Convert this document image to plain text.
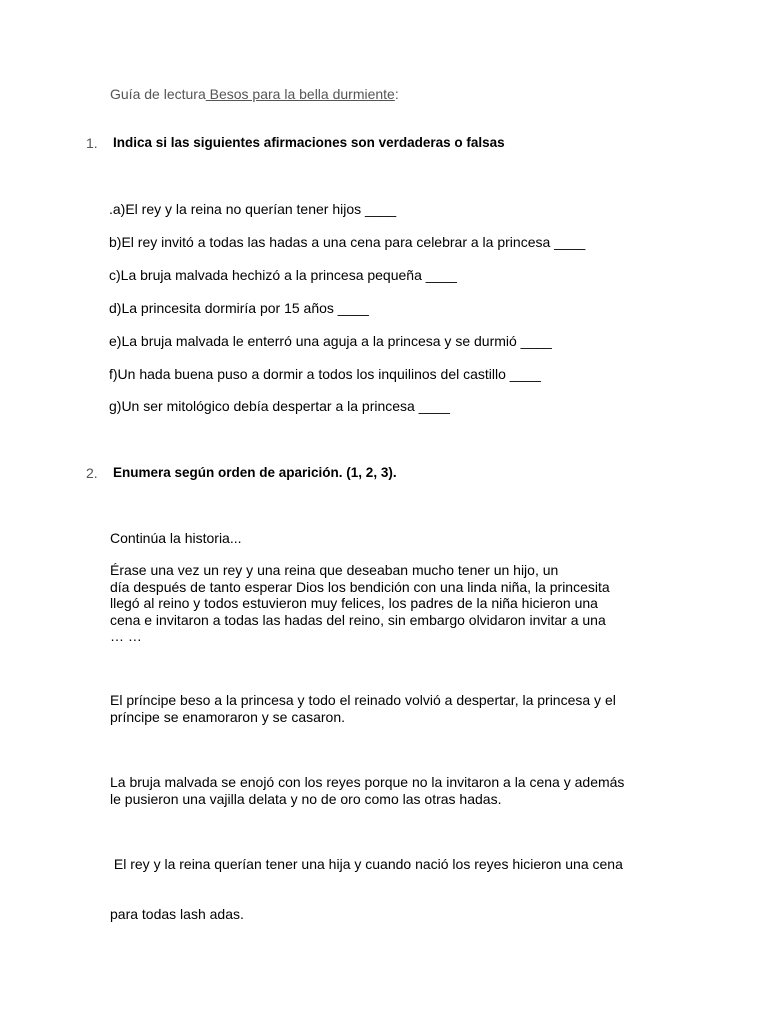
Guía de lectura Besos para la bella durmiente:
1. Indica si las siguientes afirmaciones son verdaderas o falsas
.a)El rey y la reina no querían tener hijos ____
b)El rey invitó a todas las hadas a una cena para celebrar a la princesa ____
c)La bruja malvada hechizó a la princesa pequeña ____
d)La princesita dormiría por 15 años ____
e)La bruja malvada le enterró una aguja a la princesa y se durmió ____
f)Un hada buena puso a dormir a todos los inquilinos del castillo ____
g)Un ser mitológico debía despertar a la princesa ____
2. Enumera según orden de aparición. (1, 2, 3).
Continúa la historia...
Érase una vez un rey y una reina que deseaban mucho tener un hijo, un
día después de tanto esperar Dios los bendición con una linda niña, la princesita
llegó al reino y todos estuvieron muy felices, los padres de la niña hicieron una
cena e invitaron a todas las hadas del reino, sin embargo olvidaron invitar a una
… …
El príncipe beso a la princesa y todo el reinado volvió a despertar, la princesa y el
príncipe se enamoraron y se casaron.
La bruja malvada se enojó con los reyes porque no la invitaron a la cena y además
le pusieron una vajilla delata y no de oro como las otras hadas.

El rey y la reina querían tener una hija y cuando nació los reyes hicieron una cena

para todas lash adas.
